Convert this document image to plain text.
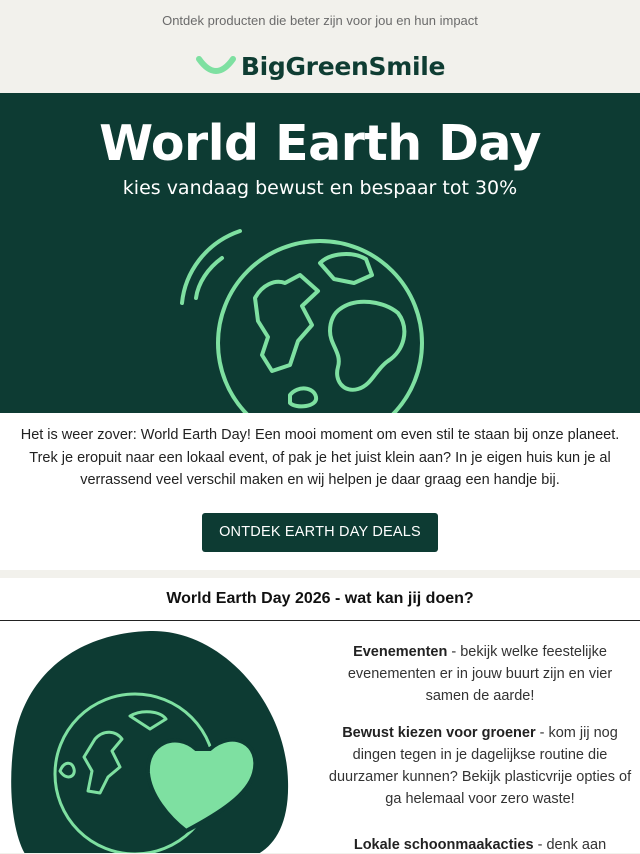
Ontdek producten die beter zijn voor jou en hun impact
BigGreenSmile
World Earth Day
kies vandaag bewust en bespaar tot 30%

Het is weer zover: World Earth Day! Een mooi moment om even stil te staan bij onze planeet. Trek je eropuit naar een lokaal event, of pak je het juist klein aan? In je eigen huis kun je al verrassend veel verschil maken en wij helpen je daar graag een handje bij.

ONTDEK EARTH DAY DEALS
World Earth Day 2026 - wat kan jij doen?
Evenementen - bekijk welke feestelijke evenementen er in jouw buurt zijn en vier samen de aarde!
Bewust kiezen voor groener - kom jij nog dingen tegen in je dagelijkse routine die duurzamer kunnen? Bekijk plasticvrije opties of ga helemaal voor zero waste!
Lokale schoonmaakacties - denk aan
